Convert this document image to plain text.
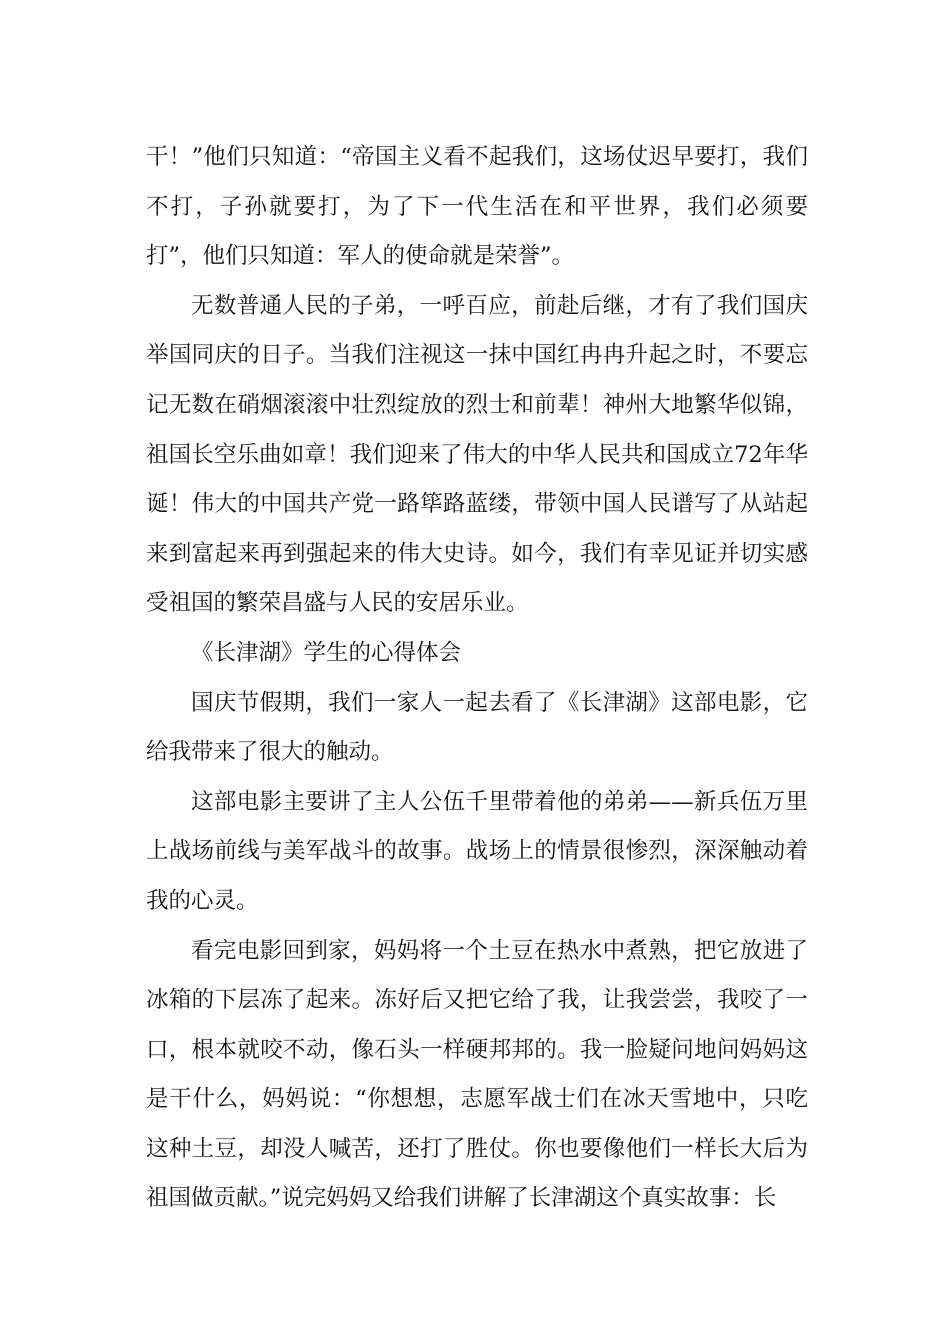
干！”他们只知道：“帝国主义看不起我们，这场仗迟早要打，我们不打，子孙就要打，为了下一代生活在和平世界，我们必须要打”，他们只知道：军人的使命就是荣誉”。

无数普通人民的子弟，一呼百应，前赴后继，才有了我们国庆举国同庆的日子。当我们注视这一抹中国红冉冉升起之时，不要忘记无数在硝烟滚滚中壮烈绽放的烈士和前辈！神州大地繁华似锦，祖国长空乐曲如章！我们迎来了伟大的中华人民共和国成立72年华诞！伟大的中国共产党一路筚路蓝缕，带领中国人民谱写了从站起来到富起来再到强起来的伟大史诗。如今，我们有幸见证并切实感受祖国的繁荣昌盛与人民的安居乐业。

《长津湖》学生的心得体会

国庆节假期，我们一家人一起去看了《长津湖》这部电影，它给我带来了很大的触动。

这部电影主要讲了主人公伍千里带着他的弟弟——新兵伍万里上战场前线与美军战斗的故事。战场上的情景很惨烈，深深触动着我的心灵。

看完电影回到家，妈妈将一个土豆在热水中煮熟，把它放进了冰箱的下层冻了起来。冻好后又把它给了我，让我尝尝，我咬了一口，根本就咬不动，像石头一样硬邦邦的。我一脸疑问地问妈妈这是干什么，妈妈说：“你想想，志愿军战士们在冰天雪地中，只吃这种土豆，却没人喊苦，还打了胜仗。你也要像他们一样长大后为祖国做贡献。”说完妈妈又给我们讲解了长津湖这个真实故事：长
